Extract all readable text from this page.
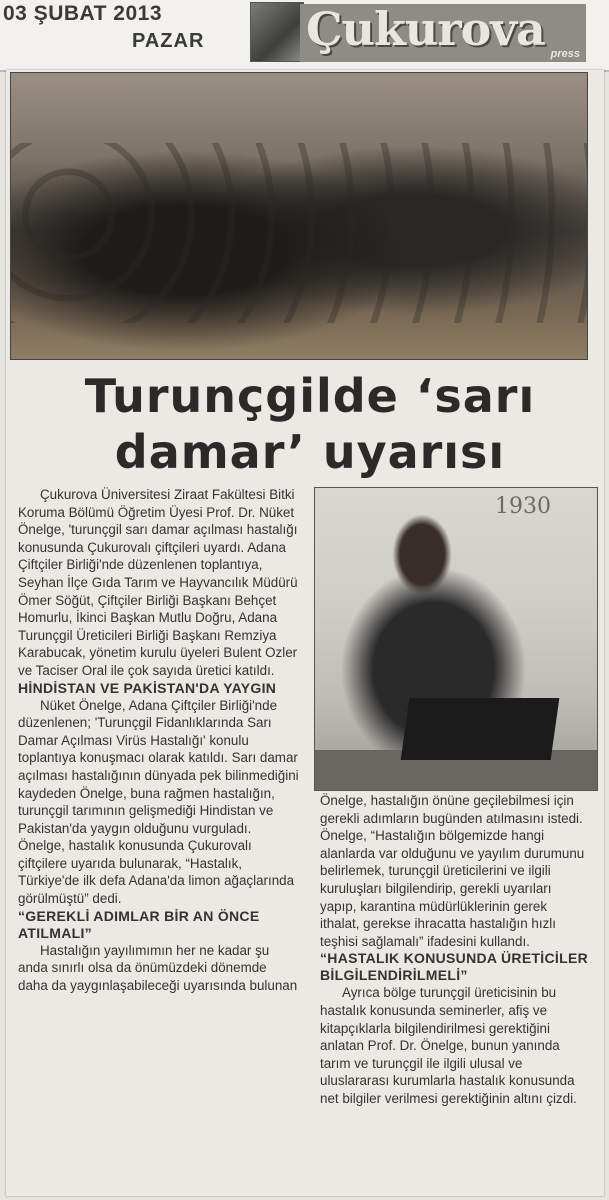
03 ŞUBAT 2013
PAZAR Çukurova press
Turunçgilde ‘sarı damar’ uyarısı
1930

Çukurova Üniversitesi Ziraat Fakültesi Bitki Koruma Bölümü Öğretim Üyesi Prof. Dr. Nüket Önelge, 'turunçgil sarı damar açılması hastalığı konusunda Çukurovalı çiftçileri uyardı. Adana Çiftçiler Birliği'nde düzenlenen toplantıya, Seyhan İlçe Gıda Tarım ve Hayvancılık Müdürü Ömer Söğüt, Çiftçiler Birliği Başkanı Behçet Homurlu, İkinci Başkan Mutlu Doğru, Adana Turunçgil Üreticileri Birliği Başkanı Remziya Karabucak, yönetim kurulu üyeleri Bulent Ozler ve Taciser Oral ile çok sayıda üretici katıldı.

HİNDİSTAN VE PAKİSTAN'DA YAYGIN

Nüket Önelge, Adana Çiftçiler Birliği'nde düzenlenen; 'Turunçgil Fidanlıklarında Sarı Damar Açılması Virüs Hastalığı' konulu toplantıya konuşmacı olarak katıldı. Sarı damar açılması hastalığının dünyada pek bilinmediğini kaydeden Önelge, buna rağmen hastalığın, turunçgil tarımının gelişmediği Hindistan ve Pakistan'da yaygın olduğunu vurguladı. Önelge, hastalık konusunda Çukurovalı çiftçilere uyarıda bulunarak, “Hastalık, Türkiye'de ilk defa Adana'da limon ağaçlarında görülmüştü” dedi.

“GEREKLİ ADIMLAR BİR AN ÖNCE ATILMALI”

Hastalığın yayılımımın her ne kadar şu anda sınırlı olsa da önümüzdeki dönemde daha da yaygınlaşabileceği uyarısında bulunan

Önelge, hastalığın önüne geçilebilmesi için gerekli adımların bugünden atılmasını istedi. Önelge, “Hastalığın bölgemizde hangi alanlarda var olduğunu ve yayılım durumunu belirlemek, turunçgil üreticilerini ve ilgili kuruluşları bilgilendirip, gerekli uyarıları yapıp, karantina müdürlüklerinin gerek ithalat, gerekse ihracatta hastalığın hızlı teşhisi sağlamalı” ifadesini kullandı.

“HASTALIK KONUSUNDA ÜRETİCİLER BİLGİLENDİRİLMELİ”

Ayrıca bölge turunçgil üreticisinin bu hastalık konusunda seminerler, afiş ve kitapçıklarla bilgilendirilmesi gerektiğini anlatan Prof. Dr. Önelge, bunun yanında tarım ve turunçgil ile ilgili ulusal ve uluslararası kurumlarla hastalık konusunda net bilgiler verilmesi gerektiğinin altını çizdi.
